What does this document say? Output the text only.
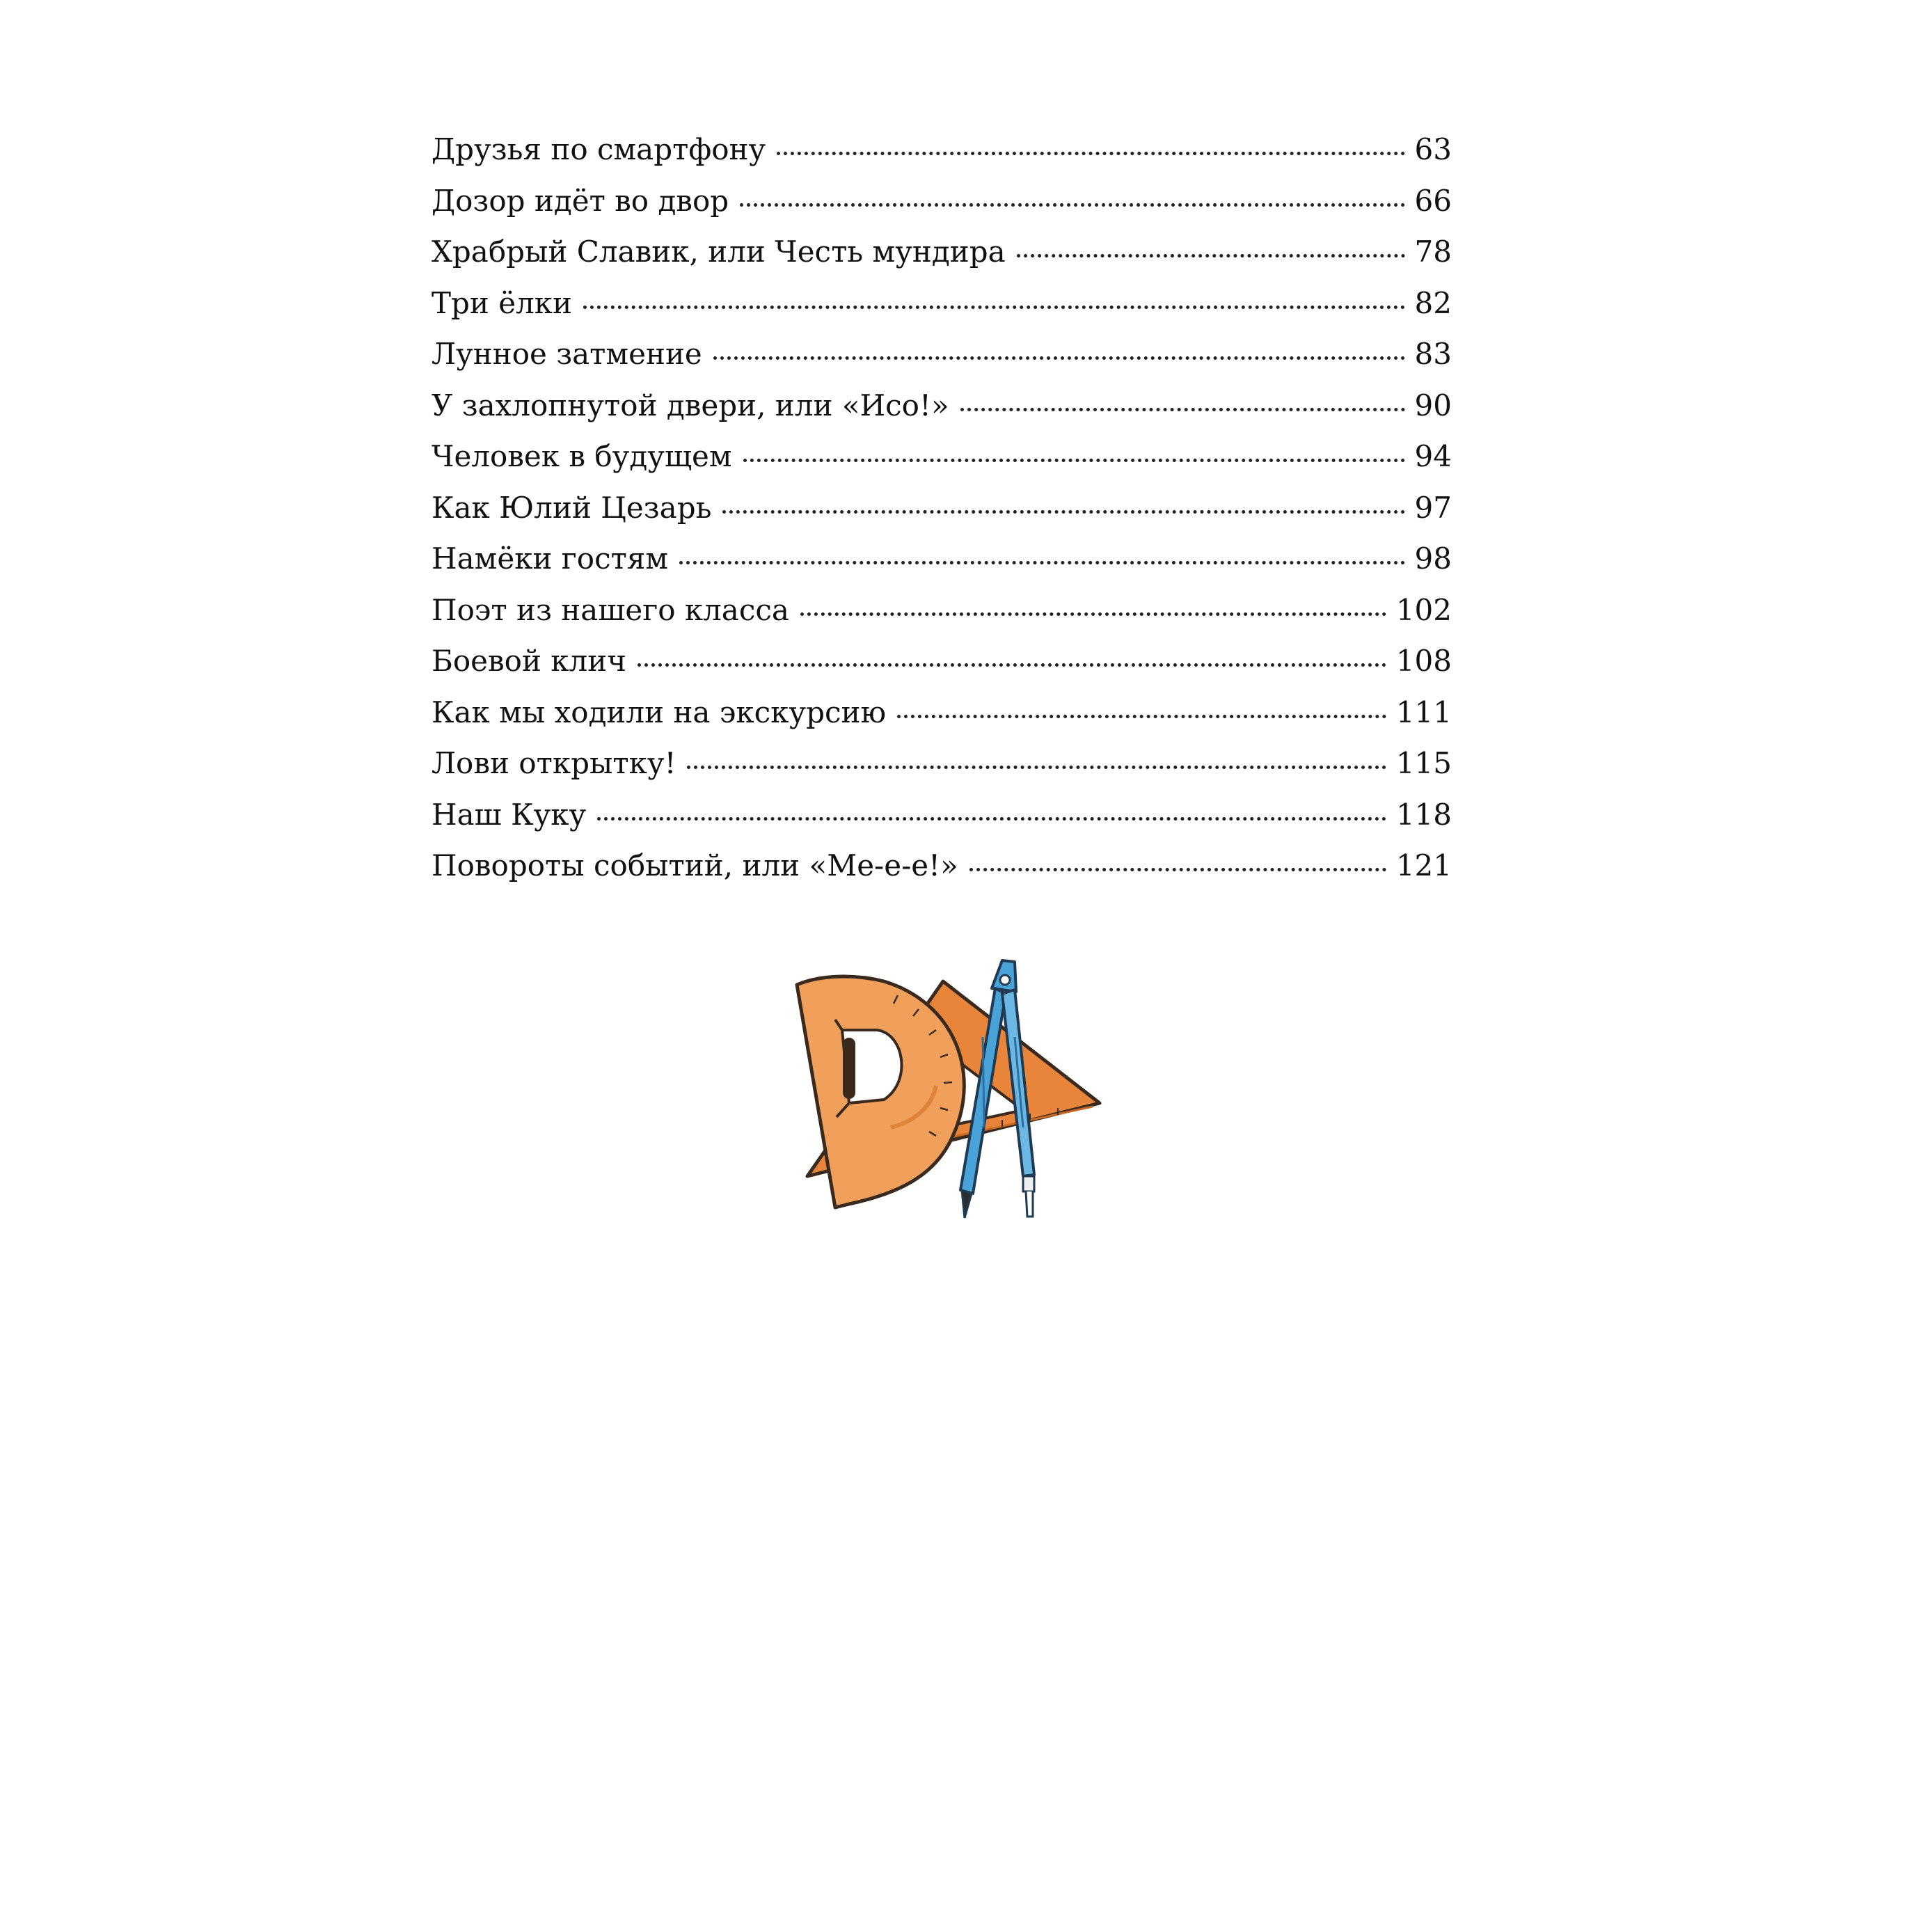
Друзья по смартфону	63
Дозор идёт во двор	66
Храбрый Славик, или Честь мундира	78
Три ёлки	82
Лунное затмение	83
У захлопнутой двери, или «Исо!»	90
Человек в будущем	94
Как Юлий Цезарь	97
Намёки гостям	98
Поэт из нашего класса	102
Боевой клич	108
Как мы ходили на экскурсию	111
Лови открытку!	115
Наш Куку	118
Повороты событий, или «Ме-е-е!»	121
